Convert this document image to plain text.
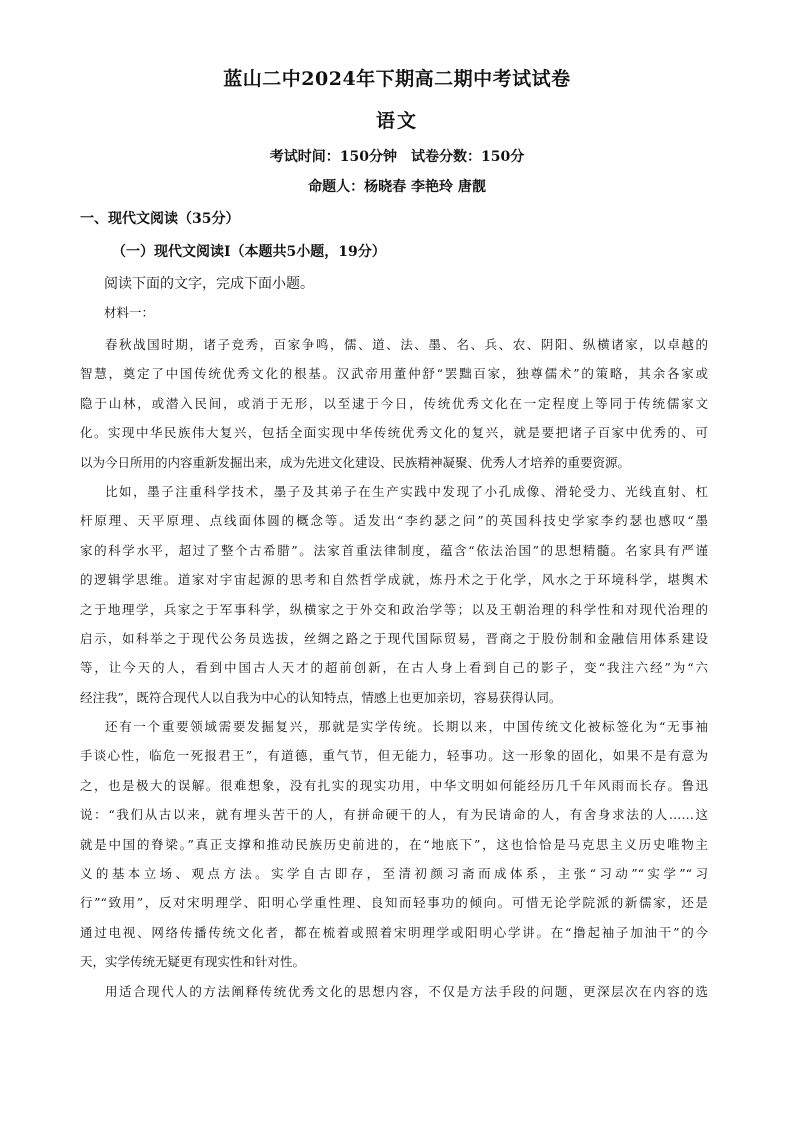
蓝山二中2024年下期高二期中考试试卷
语文
考试时间：150分钟　试卷分数：150分
命题人：杨晓春 李艳玲 唐靓
一、现代文阅读（35分）
（一）现代文阅读Ⅰ（本题共5小题，19分）
阅读下面的文字，完成下面小题。
材料一：
春秋战国时期，诸子竞秀，百家争鸣，儒、道、法、墨、名、兵、农、阴阳、纵横诸家，以卓越的
智慧，奠定了中国传统优秀文化的根基。汉武帝用董仲舒“罢黜百家，独尊儒术”的策略，其余各家或
隐于山林，或潜入民间，或消于无形，以至逮于今日，传统优秀文化在一定程度上等同于传统儒家文
化。实现中华民族伟大复兴，包括全面实现中华传统优秀文化的复兴，就是要把诸子百家中优秀的、可
以为今日所用的内容重新发掘出来，成为先进文化建设、民族精神凝聚、优秀人才培养的重要资源。
比如，墨子注重科学技术，墨子及其弟子在生产实践中发现了小孔成像、滑轮受力、光线直射、杠
杆原理、天平原理、点线面体圆的概念等。适发出“李约瑟之问”的英国科技史学家李约瑟也感叹“墨
家的科学水平，超过了整个古希腊”。法家首重法律制度，蕴含“依法治国”的思想精髓。名家具有严谨
的逻辑学思维。道家对宇宙起源的思考和自然哲学成就，炼丹术之于化学，风水之于环境科学，堪舆术
之于地理学，兵家之于军事科学，纵横家之于外交和政治学等；以及王朝治理的科学性和对现代治理的
启示，如科举之于现代公务员选拔，丝绸之路之于现代国际贸易，晋商之于股份制和金融信用体系建设
等，让今天的人，看到中国古人天才的超前创新，在古人身上看到自己的影子，变“我注六经”为“六
经注我”，既符合现代人以自我为中心的认知特点，情感上也更加亲切，容易获得认同。
还有一个重要领域需要发掘复兴，那就是实学传统。长期以来，中国传统文化被标签化为“无事袖
手谈心性，临危一死报君王”，有道德，重气节，但无能力，轻事功。这一形象的固化，如果不是有意为
之，也是极大的误解。很难想象，没有扎实的现实功用，中华文明如何能经历几千年风雨而长存。鲁迅
说：“我们从古以来，就有埋头苦干的人，有拼命硬干的人，有为民请命的人，有舍身求法的人……这
就是中国的脊梁。”真正支撑和推动民族历史前进的，在“地底下”，这也恰恰是马克思主义历史唯物主
义的基本立场、观点方法。实学自古即存，至清初颜习斋而成体系，主张“习动”“实学”“习
行”“致用”，反对宋明理学、阳明心学重性理、良知而轻事功的倾向。可惜无论学院派的新儒家，还是
通过电视、网络传播传统文化者，都在梳着或照着宋明理学或阳明心学讲。在“撸起袖子加油干”的今
天，实学传统无疑更有现实性和针对性。
用适合现代人的方法阐释传统优秀文化的思想内容，不仅是方法手段的问题，更深层次在内容的选
